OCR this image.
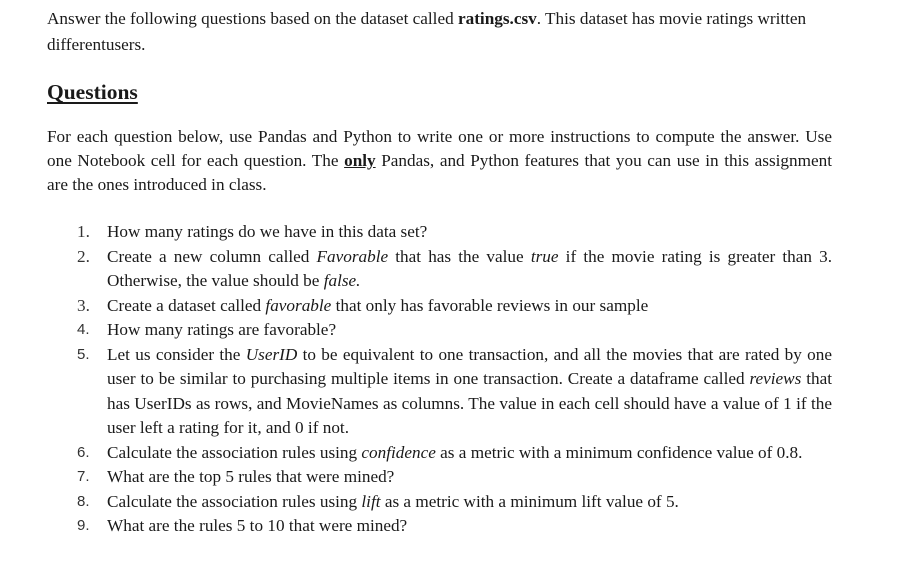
Answer the following questions based on the dataset called ratings.csv. This dataset has movie ratings written differentusers.

Questions

For each question below, use Pandas and Python to write one or more instructions to compute the answer. Use one Notebook cell for each question. The only Pandas, and Python features that you can use in this assignment are the ones introduced in class.

1. How many ratings do we have in this data set?
2. Create a new column called Favorable that has the value true if the movie rating is greater than 3. Otherwise, the value should be false.
3. Create a dataset called favorable that only has favorable reviews in our sample
4. How many ratings are favorable?
5. Let us consider the UserID to be equivalent to one transaction, and all the movies that are rated by one user to be similar to purchasing multiple items in one transaction. Create a dataframe called reviews that has UserIDs as rows, and MovieNames as columns. The value in each cell should have a value of 1 if the user left a rating for it, and 0 if not.
6. Calculate the association rules using confidence as a metric with a minimum confidence value of 0.8.
7. What are the top 5 rules that were mined?
8. Calculate the association rules using lift as a metric with a minimum lift value of 5.
9. What are the rules 5 to 10 that were mined?
